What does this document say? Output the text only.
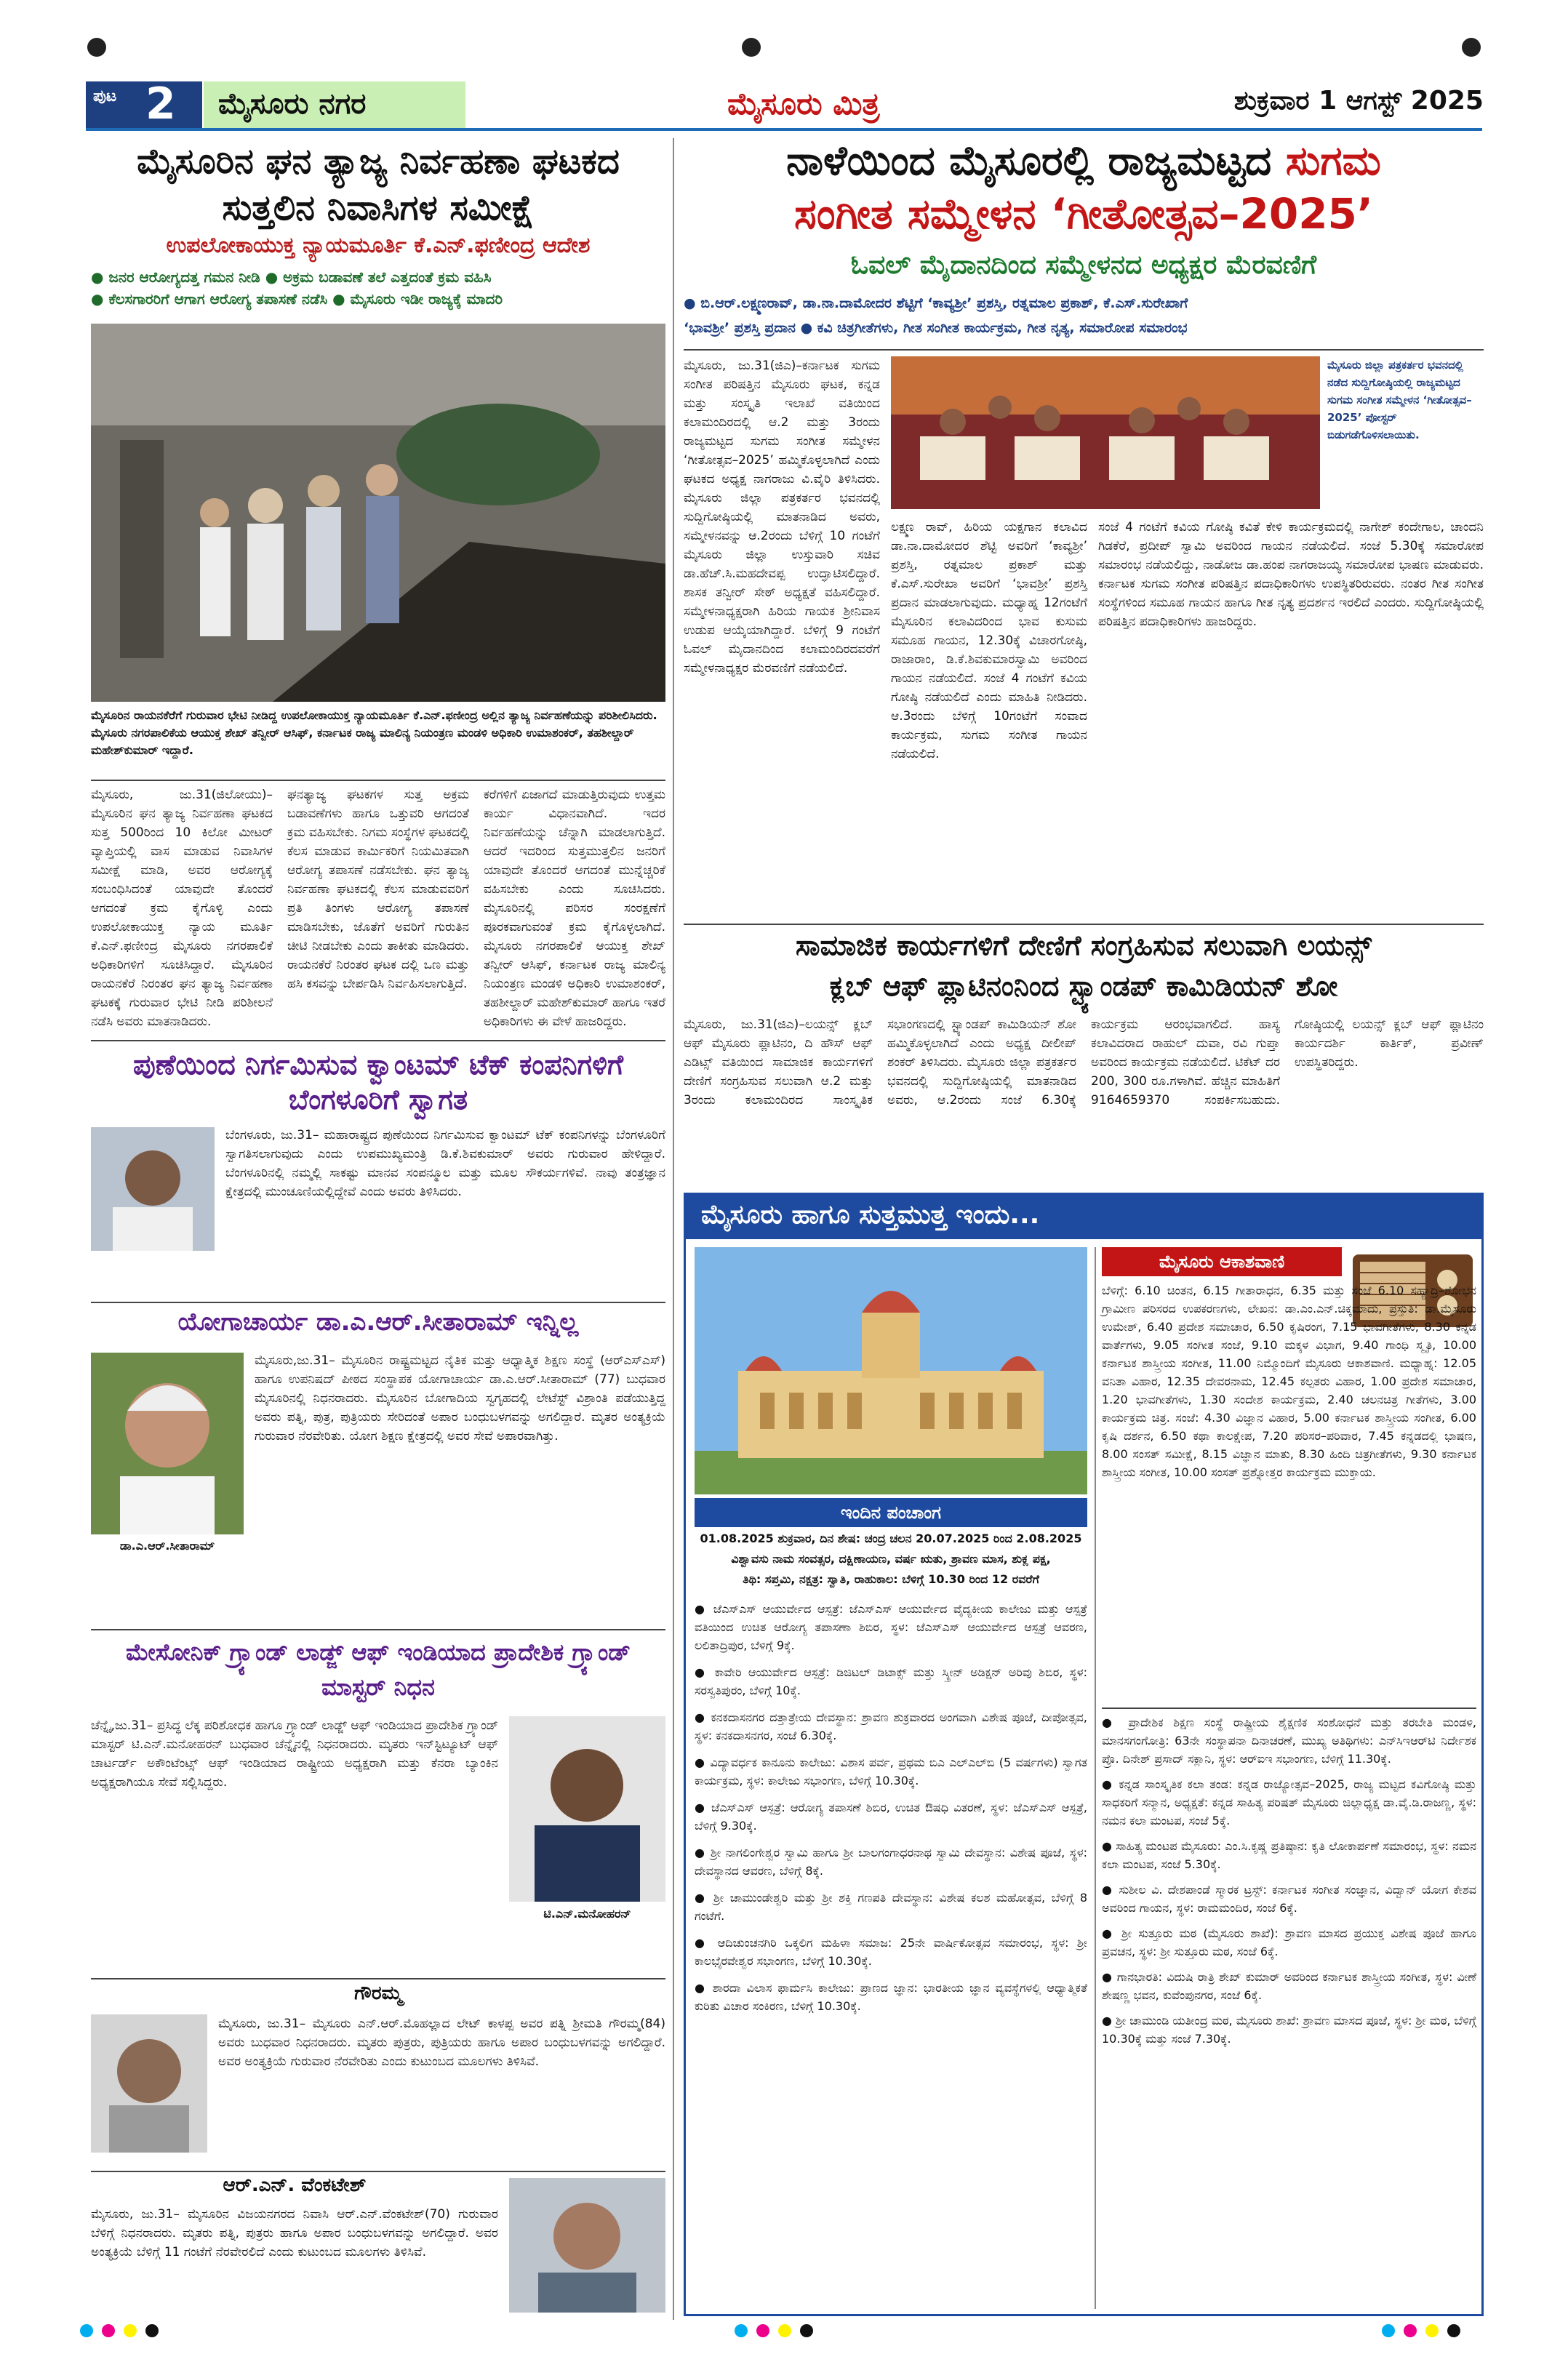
ಪುಟ 2	ಮೈಸೂರು ನಗರ	ಮೈಸೂರು ಮಿತ್ರ	ಶುಕ್ರವಾರ 1 ಆಗಸ್ಟ್ 2025
ಮೈಸೂರಿನ ಘನ ತ್ಯಾಜ್ಯ ನಿರ್ವಹಣಾ ಘಟಕದ ಸುತ್ತಲಿನ ನಿವಾಸಿಗಳ ಸಮೀಕ್ಷೆ
ಉಪಲೋಕಾಯುಕ್ತ ನ್ಯಾಯಮೂರ್ತಿ ಕೆ.ಎನ್.ಫಣೀಂದ್ರ ಆದೇಶ
● ಜನರ ಆರೋಗ್ಯದತ್ತ ಗಮನ ನೀಡಿ ● ಅಕ್ರಮ ಬಡಾವಣೆ ತಲೆ ಎತ್ತದಂತೆ ಕ್ರಮ ವಹಿಸಿ
● ಕೆಲಸಗಾರರಿಗೆ ಆಗಾಗ ಆರೋಗ್ಯ ತಪಾಸಣೆ ನಡೆಸಿ ● ಮೈಸೂರು ಇಡೀ ರಾಜ್ಯಕ್ಕೆ ಮಾದರಿ
ಮೈಸೂರಿನ ರಾಯನಕೆರೆಗೆ ಗುರುವಾರ ಭೇಟಿ ನೀಡಿದ್ದ ಉಪಲೋಕಾಯುಕ್ತ ನ್ಯಾಯಮೂರ್ತಿ ಕೆ.ಎನ್.ಫಣೀಂದ್ರ ಅಲ್ಲಿನ ತ್ಯಾಜ್ಯ ನಿರ್ವಹಣೆಯನ್ನು ಪರಿಶೀಲಿಸಿದರು. ಮೈಸೂರು ನಗರಪಾಲಿಕೆಯ ಆಯುಕ್ತ ಶೇಖ್ ತನ್ವೀರ್ ಆಸಿಫ್, ಕರ್ನಾಟಕ ರಾಜ್ಯ ಮಾಲಿನ್ಯ ನಿಯಂತ್ರಣ ಮಂಡಳಿ ಅಧಿಕಾರಿ ಉಮಾಶಂಕರ್, ತಹಶೀಲ್ದಾರ್ ಮಹೇಶ್‌ಕುಮಾರ್ ಇದ್ದಾರೆ.
ಮೈಸೂರು, ಜು.31(ಜಿಲೋಯು)– ಮೈಸೂರಿನ ಘನ ತ್ಯಾಜ್ಯ ನಿರ್ವಹಣಾ ಘಟಕದ ಸುತ್ತ 500ರಿಂದ 10 ಕಿಲೋ ಮೀಟರ್ ವ್ಯಾಪ್ತಿಯಲ್ಲಿ ವಾಸ ಮಾಡುವ ನಿವಾಸಿಗಳ ಸಮೀಕ್ಷೆ ಮಾಡಿ, ಅವರ ಆರೋಗ್ಯಕ್ಕೆ ಸಂಬಂಧಿಸಿದಂತೆ ಯಾವುದೇ ತೊಂದರೆ ಆಗದಂತೆ ಕ್ರಮ ಕೈಗೊಳ್ಳಿ ಎಂದು ಉಪಲೋಕಾಯುಕ್ತ ನ್ಯಾಯ ಮೂರ್ತಿ ಕೆ.ಎನ್.ಫಣೀಂದ್ರ ಮೈಸೂರು ನಗರಪಾಲಿಕೆ ಅಧಿಕಾರಿಗಳಿಗೆ ಸೂಚಿಸಿದ್ದಾರೆ. ಮೈಸೂರಿನ ರಾಯನಕೆರೆ ನಿರಂತರ ಘನ ತ್ಯಾಜ್ಯ ನಿರ್ವಹಣಾ ಘಟಕಕ್ಕೆ ಗುರುವಾರ ಭೇಟಿ ನೀಡಿ ಪರಿಶೀಲನೆ ನಡೆಸಿ ಅವರು ಮಾತನಾಡಿದರು.
ಘನತ್ಯಾಜ್ಯ ಘಟಕಗಳ ಸುತ್ತ ಅಕ್ರಮ ಬಡಾವಣೆಗಳು ಹಾಗೂ ಒತ್ತುವರಿ ಆಗದಂತೆ ಕ್ರಮ ವಹಿಸಬೇಕು. ನಿಗಮ ಸಂಸ್ಥೆಗಳ ಘಟಕದಲ್ಲಿ ಕೆಲಸ ಮಾಡುವ ಕಾರ್ಮಿಕರಿಗೆ ನಿಯಮಿತವಾಗಿ ಆರೋಗ್ಯ ತಪಾಸಣೆ ನಡೆಸಬೇಕು. ಘನ ತ್ಯಾಜ್ಯ ನಿರ್ವಹಣಾ ಘಟಕದಲ್ಲಿ ಕೆಲಸ ಮಾಡುವವರಿಗೆ ಪ್ರತಿ ತಿಂಗಳು ಆರೋಗ್ಯ ತಪಾಸಣೆ ಮಾಡಿಸಬೇಕು, ಜೊತೆಗೆ ಅವರಿಗೆ ಗುರುತಿನ ಚೀಟಿ ನೀಡಬೇಕು ಎಂದು ತಾಕೀತು ಮಾಡಿದರು. ರಾಯನಕೆರೆ ನಿರಂತರ ಘಟಕ ದಲ್ಲಿ ಒಣ ಮತ್ತು ಹಸಿ ಕಸವನ್ನು ಬೇರ್ಪಡಿಸಿ ನಿರ್ವಹಿಸಲಾಗುತ್ತಿದೆ.
ಕರೆಗಳಿಗೆ ಏಜಾಗದೆ ಮಾಡುತ್ತಿರುವುದು ಉತ್ತಮ ಕಾರ್ಯ ವಿಧಾನವಾಗಿದೆ. ಇದರ ನಿರ್ವಹಣೆಯನ್ನು ಚೆನ್ನಾಗಿ ಮಾಡಲಾಗುತ್ತಿದೆ. ಆದರೆ ಇದರಿಂದ ಸುತ್ತಮುತ್ತಲಿನ ಜನರಿಗೆ ಯಾವುದೇ ತೊಂದರೆ ಆಗದಂತೆ ಮುನ್ನೆಚ್ಚರಿಕೆ ವಹಿಸಬೇಕು ಎಂದು ಸೂಚಿಸಿದರು. ಮೈಸೂರಿನಲ್ಲಿ ಪರಿಸರ ಸಂರಕ್ಷಣೆಗೆ ಪೂರಕವಾಗುವಂತೆ ಕ್ರಮ ಕೈಗೊಳ್ಳಲಾಗಿದೆ. ಮೈಸೂರು ನಗರಪಾಲಿಕೆ ಆಯುಕ್ತ ಶೇಖ್ ತನ್ವೀರ್ ಆಸಿಫ್, ಕರ್ನಾಟಕ ರಾಜ್ಯ ಮಾಲಿನ್ಯ ನಿಯಂತ್ರಣ ಮಂಡಳಿ ಅಧಿಕಾರಿ ಉಮಾಶಂಕರ್, ತಹಶೀಲ್ದಾರ್ ಮಹೇಶ್‌ಕುಮಾರ್ ಹಾಗೂ ಇತರೆ ಅಧಿಕಾರಿಗಳು ಈ ವೇಳೆ ಹಾಜರಿದ್ದರು.
ಪುಣೆಯಿಂದ ನಿರ್ಗಮಿಸುವ ಕ್ವಾಂಟಮ್ ಟೆಕ್ ಕಂಪನಿಗಳಿಗೆ ಬೆಂಗಳೂರಿಗೆ ಸ್ವಾಗತ
ಬೆಂಗಳೂರು, ಜು.31– ಮಹಾರಾಷ್ಟ್ರದ ಪುಣೆಯಿಂದ ನಿರ್ಗಮಿಸುವ ಕ್ವಾಂಟಮ್ ಟೆಕ್ ಕಂಪನಿಗಳನ್ನು ಬೆಂಗಳೂರಿಗೆ ಸ್ವಾಗತಿಸಲಾಗುವುದು ಎಂದು ಉಪಮುಖ್ಯಮಂತ್ರಿ ಡಿ.ಕೆ.ಶಿವಕುಮಾರ್ ಅವರು ಗುರುವಾರ ಹೇಳಿದ್ದಾರೆ. ಬೆಂಗಳೂರಿನಲ್ಲಿ ನಮ್ಮಲ್ಲಿ ಸಾಕಷ್ಟು ಮಾನವ ಸಂಪನ್ಮೂಲ ಮತ್ತು ಮೂಲ ಸೌಕರ್ಯಗಳಿವೆ. ನಾವು ತಂತ್ರಜ್ಞಾನ ಕ್ಷೇತ್ರದಲ್ಲಿ ಮುಂಚೂಣಿಯಲ್ಲಿದ್ದೇವೆ ಎಂದು ಅವರು ತಿಳಿಸಿದರು.
ಯೋಗಾಚಾರ್ಯ ಡಾ.ಎ.ಆರ್.ಸೀತಾರಾಮ್ ಇನ್ನಿಲ್ಲ
ಡಾ.ಎ.ಆರ್.ಸೀತಾರಾಮ್
ಮೈಸೂರು,ಜು.31– ಮೈಸೂರಿನ ರಾಷ್ಟ್ರಮಟ್ಟದ ನೈತಿಕ ಮತ್ತು ಆಧ್ಯಾತ್ಮಿಕ ಶಿಕ್ಷಣ ಸಂಸ್ಥೆ (ಆರ್‌ಎಸ್‌ಎಸ್) ಹಾಗೂ ಉಪನಿಷದ್ ಪೀಠದ ಸಂಸ್ಥಾಪಕ ಯೋಗಾಚಾರ್ಯ ಡಾ.ಎ.ಆರ್.ಸೀತಾರಾಮ್ (77) ಬುಧವಾರ ಮೈಸೂರಿನಲ್ಲಿ ನಿಧನರಾದರು. ಮೈಸೂರಿನ ಬೋಗಾದಿಯ ಸ್ವಗೃಹದಲ್ಲಿ ಲೇಟೆಸ್ಟ್ ವಿಶ್ರಾಂತಿ ಪಡೆಯುತ್ತಿದ್ದ ಅವರು ಪತ್ನಿ, ಪುತ್ರ, ಪುತ್ರಿಯರು ಸೇರಿದಂತೆ ಅಪಾರ ಬಂಧುಬಳಗವನ್ನು ಅಗಲಿದ್ದಾರೆ. ಮೃತರ ಅಂತ್ಯಕ್ರಿಯೆ ಗುರುವಾರ ನೆರವೇರಿತು. ಯೋಗ ಶಿಕ್ಷಣ ಕ್ಷೇತ್ರದಲ್ಲಿ ಅವರ ಸೇವೆ ಅಪಾರವಾಗಿತ್ತು.
ಮೇಸೋನಿಕ್ ಗ್ರ್ಯಾಂಡ್ ಲಾಡ್ಜ್ ಆಫ್ ಇಂಡಿಯಾದ ಪ್ರಾದೇಶಿಕ ಗ್ರ್ಯಾಂಡ್ ಮಾಸ್ಟರ್ ನಿಧನ
ಚೆನ್ನೈ,ಜು.31– ಪ್ರಸಿದ್ಧ ಲೆಕ್ಕ ಪರಿಶೋಧಕ ಹಾಗೂ ಗ್ರ್ಯಾಂಡ್ ಲಾಡ್ಜ್ ಆಫ್ ಇಂಡಿಯಾದ ಪ್ರಾದೇಶಿಕ ಗ್ರ್ಯಾಂಡ್ ಮಾಸ್ಟರ್ ಟಿ.ಎನ್.ಮನೋಹರನ್ ಬುಧವಾರ ಚೆನ್ನೈನಲ್ಲಿ ನಿಧನರಾದರು. ಮೃತರು ಇನ್‌ಸ್ಟಿಟ್ಯೂಟ್ ಆಫ್ ಚಾರ್ಟರ್ಡ್ ಅಕೌಂಟೆಂಟ್ಸ್ ಆಫ್ ಇಂಡಿಯಾದ ರಾಷ್ಟ್ರೀಯ ಅಧ್ಯಕ್ಷರಾಗಿ ಮತ್ತು ಕೆನರಾ ಬ್ಯಾಂಕಿನ ಅಧ್ಯಕ್ಷರಾಗಿಯೂ ಸೇವೆ ಸಲ್ಲಿಸಿದ್ದರು.
ಟಿ.ಎನ್.ಮನೋಹರನ್
ಗೌರಮ್ಮ
ಮೈಸೂರು, ಜು.31– ಮೈಸೂರು ಎನ್.ಆರ್.ಮೊಹಲ್ಲಾದ ಲೇಟ್ ಕಾಳಪ್ಪ ಅವರ ಪತ್ನಿ ಶ್ರೀಮತಿ ಗೌರಮ್ಮ(84) ಅವರು ಬುಧವಾರ ನಿಧನರಾದರು. ಮೃತರು ಪುತ್ರರು, ಪುತ್ರಿಯರು ಹಾಗೂ ಅಪಾರ ಬಂಧುಬಳಗವನ್ನು ಅಗಲಿದ್ದಾರೆ. ಅವರ ಅಂತ್ಯಕ್ರಿಯೆ ಗುರುವಾರ ನೆರವೇರಿತು ಎಂದು ಕುಟುಂಬದ ಮೂಲಗಳು ತಿಳಿಸಿವೆ.
ಆರ್.ಎನ್. ವೆಂಕಟೇಶ್
ಮೈಸೂರು, ಜು.31– ಮೈಸೂರಿನ ವಿಜಯನಗರದ ನಿವಾಸಿ ಆರ್.ಎನ್.ವೆಂಕಟೇಶ್(70) ಗುರುವಾರ ಬೆಳಿಗ್ಗೆ ನಿಧನರಾದರು. ಮೃತರು ಪತ್ನಿ, ಪುತ್ರರು ಹಾಗೂ ಅಪಾರ ಬಂಧುಬಳಗವನ್ನು ಅಗಲಿದ್ದಾರೆ. ಅವರ ಅಂತ್ಯಕ್ರಿಯೆ ಬೆಳಿಗ್ಗೆ 11 ಗಂಟೆಗೆ ನೆರವೇರಲಿದೆ ಎಂದು ಕುಟುಂಬದ ಮೂಲಗಳು ತಿಳಿಸಿವೆ.
ನಾಳೆಯಿಂದ ಮೈಸೂರಲ್ಲಿ ರಾಜ್ಯಮಟ್ಟದ ಸುಗಮ
ಸಂಗೀತ ಸಮ್ಮೇಳನ ‘ಗೀತೋತ್ಸವ–2025’
ಓವಲ್ ಮೈದಾನದಿಂದ ಸಮ್ಮೇಳನದ ಅಧ್ಯಕ್ಷರ ಮೆರವಣಿಗೆ
● ಬಿ.ಆರ್.ಲಕ್ಷ್ಮಣರಾವ್, ಡಾ.ನಾ.ದಾಮೋದರ ಶೆಟ್ಟಿಗೆ ‘ಕಾವ್ಯಶ್ರೀ’ ಪ್ರಶಸ್ತಿ, ರತ್ನಮಾಲ ಪ್ರಕಾಶ್, ಕೆ.ಎಸ್.ಸುರೇಖಾಗೆ
‘ಭಾವಶ್ರೀ’ ಪ್ರಶಸ್ತಿ ಪ್ರದಾನ ● ಕವಿ ಚಿತ್ರಗೀತೆಗಳು, ಗೀತ ಸಂಗೀತ ಕಾರ್ಯಕ್ರಮ, ಗೀತ ನೃತ್ಯ, ಸಮಾರೋಪ ಸಮಾರಂಭ
ಮೈಸೂರು, ಜು.31(ಜಿಎ)–ಕರ್ನಾಟಕ ಸುಗಮ ಸಂಗೀತ ಪರಿಷತ್ತಿನ ಮೈಸೂರು ಘಟಕ, ಕನ್ನಡ ಮತ್ತು ಸಂಸ್ಕೃತಿ ಇಲಾಖೆ ವತಿಯಿಂದ ಕಲಾಮಂದಿರದಲ್ಲಿ ಆ.2 ಮತ್ತು 3ರಂದು ರಾಜ್ಯಮಟ್ಟದ ಸುಗಮ ಸಂಗೀತ ಸಮ್ಮೇಳನ ‘ಗೀತೋತ್ಸವ–2025’ ಹಮ್ಮಿಕೊಳ್ಳಲಾಗಿದೆ ಎಂದು ಘಟಕದ ಅಧ್ಯಕ್ಷ ನಾಗರಾಜು ವಿ.ವೈರಿ ತಿಳಿಸಿದರು. ಮೈಸೂರು ಜಿಲ್ಲಾ ಪತ್ರಕರ್ತರ ಭವನದಲ್ಲಿ ಸುದ್ದಿಗೋಷ್ಠಿಯಲ್ಲಿ ಮಾತನಾಡಿದ ಅವರು, ಸಮ್ಮೇಳನವನ್ನು ಆ.2ರಂದು ಬೆಳಿಗ್ಗೆ 10 ಗಂಟೆಗೆ ಮೈಸೂರು ಜಿಲ್ಲಾ ಉಸ್ತುವಾರಿ ಸಚಿವ ಡಾ.ಹೆಚ್.ಸಿ.ಮಹದೇವಪ್ಪ ಉದ್ಘಾಟಿಸಲಿದ್ದಾರೆ. ಶಾಸಕ ತನ್ವೀರ್ ಸೇಠ್ ಅಧ್ಯಕ್ಷತೆ ವಹಿಸಲಿದ್ದಾರೆ. ಸಮ್ಮೇಳನಾಧ್ಯಕ್ಷರಾಗಿ ಹಿರಿಯ ಗಾಯಕ ಶ್ರೀನಿವಾಸ ಉಡುಪ ಆಯ್ಕೆಯಾಗಿದ್ದಾರೆ. ಬೆಳಿಗ್ಗೆ 9 ಗಂಟೆಗೆ ಓವಲ್ ಮೈದಾನದಿಂದ ಕಲಾಮಂದಿರದವರೆಗೆ ಸಮ್ಮೇಳನಾಧ್ಯಕ್ಷರ ಮೆರವಣಿಗೆ ನಡೆಯಲಿದೆ.
ಮೈಸೂರು ಜಿಲ್ಲಾ ಪತ್ರಕರ್ತರ ಭವನದಲ್ಲಿ ನಡೆದ ಸುದ್ದಿಗೋಷ್ಠಿಯಲ್ಲಿ ರಾಜ್ಯಮಟ್ಟದ ಸುಗಮ ಸಂಗೀತ ಸಮ್ಮೇಳನ ‘ಗೀತೋತ್ಸವ–2025’ ಪೋಸ್ಟರ್ ಬಿಡುಗಡೆಗೊಳಿಸಲಾಯಿತು.
ಲಕ್ಷ್ಮಣ ರಾವ್, ಹಿರಿಯ ಯಕ್ಷಗಾನ ಕಲಾವಿದ ಡಾ.ನಾ.ದಾಮೋದರ ಶೆಟ್ಟಿ ಅವರಿಗೆ ‘ಕಾವ್ಯಶ್ರೀ’ ಪ್ರಶಸ್ತಿ, ರತ್ನಮಾಲ ಪ್ರಕಾಶ್ ಮತ್ತು ಕೆ.ಎಸ್.ಸುರೇಖಾ ಅವರಿಗೆ ‘ಭಾವಶ್ರೀ’ ಪ್ರಶಸ್ತಿ ಪ್ರದಾನ ಮಾಡಲಾಗುವುದು. ಮಧ್ಯಾಹ್ನ 12ಗಂಟೆಗೆ ಮೈಸೂರಿನ ಕಲಾವಿದರಿಂದ ಭಾವ ಕುಸುಮ ಸಮೂಹ ಗಾಯನ, 12.30ಕ್ಕೆ ವಿಚಾರಗೋಷ್ಠಿ, ರಾಜಾರಾಂ, ಡಿ.ಕೆ.ಶಿವಕುಮಾರಸ್ವಾಮಿ ಅವರಿಂದ ಗಾಯನ ನಡೆಯಲಿದೆ. ಸಂಜೆ 4 ಗಂಟೆಗೆ ಕವಿಯ ಗೋಷ್ಠಿ ನಡೆಯಲಿದೆ ಎಂದು ಮಾಹಿತಿ ನೀಡಿದರು. ಆ.3ರಂದು ಬೆಳಿಗ್ಗೆ 10ಗಂಟೆಗೆ ಸಂವಾದ ಕಾರ್ಯಕ್ರಮ, ಸುಗಮ ಸಂಗೀತ ಗಾಯನ ನಡೆಯಲಿದೆ.
ಸಂಜೆ 4 ಗಂಟೆಗೆ ಕವಿಯ ಗೋಷ್ಠಿ ಕವಿತೆ ಕೇಳಿ ಕಾರ್ಯಕ್ರಮದಲ್ಲಿ ನಾಗೇಶ್ ಕಂದೇಗಾಲ, ಚಾಂದನಿ ಗಿಡಕೆರೆ, ಪ್ರದೀಪ್ ಸ್ವಾಮಿ ಅವರಿಂದ ಗಾಯನ ನಡೆಯಲಿದೆ. ಸಂಜೆ 5.30ಕ್ಕೆ ಸಮಾರೋಪ ಸಮಾರಂಭ ನಡೆಯಲಿದ್ದು, ನಾಡೋಜ ಡಾ.ಹಂಪ ನಾಗರಾಜಯ್ಯ ಸಮಾರೋಪ ಭಾಷಣ ಮಾಡುವರು. ಕರ್ನಾಟಕ ಸುಗಮ ಸಂಗೀತ ಪರಿಷತ್ತಿನ ಪದಾಧಿಕಾರಿಗಳು ಉಪಸ್ಥಿತರಿರುವರು. ನಂತರ ಗೀತ ಸಂಗೀತ ಸಂಸ್ಥೆಗಳಿಂದ ಸಮೂಹ ಗಾಯನ ಹಾಗೂ ಗೀತ ನೃತ್ಯ ಪ್ರದರ್ಶನ ಇರಲಿದೆ ಎಂದರು. ಸುದ್ದಿಗೋಷ್ಠಿಯಲ್ಲಿ ಪರಿಷತ್ತಿನ ಪದಾಧಿಕಾರಿಗಳು ಹಾಜರಿದ್ದರು.
ಸಾಮಾಜಿಕ ಕಾರ್ಯಗಳಿಗೆ ದೇಣಿಗೆ ಸಂಗ್ರಹಿಸುವ ಸಲುವಾಗಿ ಲಯನ್ಸ್
ಕ್ಲಬ್ ಆಫ್ ಪ್ಲಾಟಿನಂನಿಂದ ಸ್ಟ್ಯಾಂಡಪ್ ಕಾಮಿಡಿಯನ್ ಶೋ
ಮೈಸೂರು, ಜು.31(ಜಿಎ)–ಲಯನ್ಸ್ ಕ್ಲಬ್ ಆಫ್ ಮೈಸೂರು ಪ್ಲಾಟಿನಂ, ದಿ ಹೌಸ್ ಆಫ್ ಎಡಿಟ್ಸ್ ವತಿಯಿಂದ ಸಾಮಾಜಿಕ ಕಾರ್ಯಗಳಿಗೆ ದೇಣಿಗೆ ಸಂಗ್ರಹಿಸುವ ಸಲುವಾಗಿ ಆ.2 ಮತ್ತು 3ರಂದು ಕಲಾಮಂದಿರದ ಸಾಂಸ್ಕೃತಿಕ ಸಭಾಂಗಣದಲ್ಲಿ ಸ್ಟ್ಯಾಂಡಪ್ ಕಾಮಿಡಿಯನ್ ಶೋ ಹಮ್ಮಿಕೊಳ್ಳಲಾಗಿದೆ ಎಂದು ಅಧ್ಯಕ್ಷ ದೀಲೀಪ್ ಶಂಕರ್ ತಿಳಿಸಿದರು. ಮೈಸೂರು ಜಿಲ್ಲಾ ಪತ್ರಕರ್ತರ ಭವನದಲ್ಲಿ ಸುದ್ದಿಗೋಷ್ಠಿಯಲ್ಲಿ ಮಾತನಾಡಿದ ಅವರು, ಆ.2ರಂದು ಸಂಜೆ 6.30ಕ್ಕೆ ಕಾರ್ಯಕ್ರಮ ಆರಂಭವಾಗಲಿದೆ. ಹಾಸ್ಯ ಕಲಾವಿದರಾದ ರಾಹುಲ್ ದುವಾ, ರವಿ ಗುಪ್ತಾ ಅವರಿಂದ ಕಾರ್ಯಕ್ರಮ ನಡೆಯಲಿದೆ. ಟಿಕೆಟ್ ದರ 200, 300 ರೂ.ಗಳಾಗಿವೆ. ಹೆಚ್ಚಿನ ಮಾಹಿತಿಗೆ 9164659370 ಸಂಪರ್ಕಿಸಬಹುದು. ಗೋಷ್ಠಿಯಲ್ಲಿ ಲಯನ್ಸ್ ಕ್ಲಬ್ ಆಫ್ ಪ್ಲಾಟಿನಂ ಕಾರ್ಯದರ್ಶಿ ಕಾರ್ತಿಕ್, ಪ್ರವೀಣ್ ಉಪಸ್ಥಿತರಿದ್ದರು.
ಮೈಸೂರು ಹಾಗೂ ಸುತ್ತಮುತ್ತ ಇಂದು...
ಇಂದಿನ ಪಂಚಾಂಗ
01.08.2025 ಶುಕ್ರವಾರ, ದಿನ ಶೇಷ: ಚಂದ್ರ ಚಲನ 20.07.2025 ರಿಂದ 2.08.2025
ವಿಶ್ವಾವಸು ನಾಮ ಸಂವತ್ಸರ, ದಕ್ಷಿಣಾಯಣ, ವರ್ಷ ಋತು, ಶ್ರಾವಣ ಮಾಸ, ಶುಕ್ಲ ಪಕ್ಷ,
ತಿಥಿ: ಸಪ್ತಮಿ, ನಕ್ಷತ್ರ: ಸ್ವಾತಿ, ರಾಹುಕಾಲ: ಬೆಳಿಗ್ಗೆ 10.30 ರಿಂದ 12 ರವರೆಗೆ
● ಜೆಎಸ್‌ಎಸ್ ಆಯುರ್ವೇದ ಆಸ್ಪತ್ರೆ: ಜೆಎಸ್‌ಎಸ್ ಆಯುರ್ವೇದ ವೈದ್ಯಕೀಯ ಕಾಲೇಜು ಮತ್ತು ಆಸ್ಪತ್ರೆ ವತಿಯಿಂದ ಉಚಿತ ಆರೋಗ್ಯ ತಪಾಸಣಾ ಶಿಬಿರ, ಸ್ಥಳ: ಜೆಎಸ್‌ಎಸ್ ಆಯುರ್ವೇದ ಆಸ್ಪತ್ರೆ ಆವರಣ, ಲಲಿತಾದ್ರಿಪುರ, ಬೆಳಿಗ್ಗೆ 9ಕ್ಕೆ.
● ಕಾವೇರಿ ಆಯುರ್ವೇದ ಆಸ್ಪತ್ರೆ: ಡಿಜಿಟಲ್ ಡಿಟಾಕ್ಸ್ ಮತ್ತು ಸ್ಕ್ರೀನ್ ಅಡಿಕ್ಷನ್ ಅರಿವು ಶಿಬಿರ, ಸ್ಥಳ: ಸರಸ್ವತಿಪುರಂ, ಬೆಳಿಗ್ಗೆ 10ಕ್ಕೆ.
● ಕನಕದಾಸನಗರ ದತ್ತಾತ್ರೇಯ ದೇವಸ್ಥಾನ: ಶ್ರಾವಣ ಶುಕ್ರವಾರದ ಅಂಗವಾಗಿ ವಿಶೇಷ ಪೂಜೆ, ದೀಪೋತ್ಸವ, ಸ್ಥಳ: ಕನಕದಾಸನಗರ, ಸಂಜೆ 6.30ಕ್ಕೆ.
● ವಿದ್ಯಾವರ್ಧಕ ಕಾನೂನು ಕಾಲೇಜು: ವಿಶಾಸ ಪರ್ವ, ಪ್ರಥಮ ಬಿಎ ಎಲ್‌ಎಲ್‌ಬಿ (5 ವರ್ಷಗಳು) ಸ್ವಾಗತ ಕಾರ್ಯಕ್ರಮ, ಸ್ಥಳ: ಕಾಲೇಜು ಸಭಾಂಗಣ, ಬೆಳಿಗ್ಗೆ 10.30ಕ್ಕೆ.
● ಜೆಎಸ್‌ಎಸ್ ಆಸ್ಪತ್ರೆ: ಆರೋಗ್ಯ ತಪಾಸಣೆ ಶಿಬಿರ, ಉಚಿತ ಔಷಧಿ ವಿತರಣೆ, ಸ್ಥಳ: ಜೆಎಸ್‌ಎಸ್ ಆಸ್ಪತ್ರೆ, ಬೆಳಿಗ್ಗೆ 9.30ಕ್ಕೆ.
● ಶ್ರೀ ನಾಗಲಿಂಗೇಶ್ವರ ಸ್ವಾಮಿ ಹಾಗೂ ಶ್ರೀ ಬಾಲಗಂಗಾಧರನಾಥ ಸ್ವಾಮಿ ದೇವಸ್ಥಾನ: ವಿಶೇಷ ಪೂಜೆ, ಸ್ಥಳ: ದೇವಸ್ಥಾನದ ಆವರಣ, ಬೆಳಿಗ್ಗೆ 8ಕ್ಕೆ.
● ಶ್ರೀ ಚಾಮುಂಡೇಶ್ವರಿ ಮತ್ತು ಶ್ರೀ ಶಕ್ತಿ ಗಣಪತಿ ದೇವಸ್ಥಾನ: ವಿಶೇಷ ಕಲಶ ಮಹೋತ್ಸವ, ಬೆಳಿಗ್ಗೆ 8 ಗಂಟೆಗೆ.
● ಆದಿಚುಂಚನಗಿರಿ ಒಕ್ಕಲಿಗ ಮಹಿಳಾ ಸಮಾಜ: 25ನೇ ವಾರ್ಷಿಕೋತ್ಸವ ಸಮಾರಂಭ, ಸ್ಥಳ: ಶ್ರೀ ಕಾಲಭೈರವೇಶ್ವರ ಸಭಾಂಗಣ, ಬೆಳಿಗ್ಗೆ 10.30ಕ್ಕೆ.
● ಶಾರದಾ ವಿಲಾಸ ಫಾರ್ಮಸಿ ಕಾಲೇಜು: ಪ್ರಾಣದ ಜ್ಞಾನ: ಭಾರತೀಯ ಜ್ಞಾನ ವ್ಯವಸ್ಥೆಗಳಲ್ಲಿ ಆಧ್ಯಾತ್ಮಿಕತೆ ಕುರಿತು ವಿಚಾರ ಸಂಕಿರಣ, ಬೆಳಿಗ್ಗೆ 10.30ಕ್ಕೆ.
ಮೈಸೂರು ಆಕಾಶವಾಣಿ
ಬೆಳಿಗ್ಗೆ: 6.10 ಚಿಂತನ, 6.15 ಗೀತಾರಾಧನ, 6.35 ಮತ್ತು ಸಂಜೆ 6.10 ಸಹ್ಯಾದ್ರಿ–ಶೋಭನ ಗ್ರಾಮೀಣ ಪರಿಸರದ ಉಪಕರಣಗಳು, ಲೇಖನ: ಡಾ.ಎಂ.ಎನ್.ಚಿಕ್ಕಮಾದು, ಪ್ರಸ್ತುತಿ: ಡಾ.ಮೈಸೂರು ಉಮೇಶ್, 6.40 ಪ್ರದೇಶ ಸಮಾಚಾರ, 6.50 ಕೃಷಿರಂಗ, 7.15 ಭಾವಗೀತೆಗಳು, 8.30 ಕನ್ನಡ ವಾರ್ತೆಗಳು, 9.05 ಸಂಗೀತ ಸಂಜೆ, 9.10 ಮಕ್ಕಳ ವಿಭಾಗ, 9.40 ಗಾಂಧಿ ಸ್ಮೃತಿ, 10.00 ಕರ್ನಾಟಕ ಶಾಸ್ತ್ರೀಯ ಸಂಗೀತ, 11.00 ನಿಮ್ಮೊಂದಿಗೆ ಮೈಸೂರು ಆಕಾಶವಾಣಿ. ಮಧ್ಯಾಹ್ನ: 12.05 ವನಿತಾ ವಿಹಾರ, 12.35 ದೇವರನಾಮ, 12.45 ಕಲ್ಪತರು ವಿಹಾರ, 1.00 ಪ್ರದೇಶ ಸಮಾಚಾರ, 1.20 ಭಾವಗೀತೆಗಳು, 1.30 ಸಂದೇಶ ಕಾರ್ಯಕ್ರಮ, 2.40 ಚಲನಚಿತ್ರ ಗೀತೆಗಳು, 3.00 ಕಾರ್ಯಕ್ರಮ ಚಿತ್ರ. ಸಂಜೆ: 4.30 ವಿಜ್ಞಾನ ವಿಹಾರ, 5.00 ಕರ್ನಾಟಕ ಶಾಸ್ತ್ರೀಯ ಸಂಗೀತ, 6.00 ಕೃಷಿ ದರ್ಶನ, 6.50 ಕಥಾ ಕಾಲಕ್ಷೇಪ, 7.20 ಪರಿಸರ–ಪರಿವಾರ, 7.45 ಕನ್ನಡದಲ್ಲಿ ಭಾಷಣ, 8.00 ಸಂಸತ್ ಸಮೀಕ್ಷೆ, 8.15 ವಿಜ್ಞಾನ ಮಾತು, 8.30 ಹಿಂದಿ ಚಿತ್ರಗೀತೆಗಳು, 9.30 ಕರ್ನಾಟಕ ಶಾಸ್ತ್ರೀಯ ಸಂಗೀತ, 10.00 ಸಂಸತ್ ಪ್ರಶ್ನೋತ್ತರ ಕಾರ್ಯಕ್ರಮ ಮುಕ್ತಾಯ.
● ಪ್ರಾದೇಶಿಕ ಶಿಕ್ಷಣ ಸಂಸ್ಥೆ ರಾಷ್ಟ್ರೀಯ ಶೈಕ್ಷಣಿಕ ಸಂಶೋಧನೆ ಮತ್ತು ತರಬೇತಿ ಮಂಡಳಿ, ಮಾನಸಗಂಗೋತ್ರಿ: 63ನೇ ಸಂಸ್ಥಾಪನಾ ದಿನಾಚರಣೆ, ಮುಖ್ಯ ಅತಿಥಿಗಳು: ಎನ್‌ಸಿಇಆರ್‌ಟಿ ನಿರ್ದೇಶಕ ಪ್ರೊ. ದಿನೇಶ್ ಪ್ರಸಾದ್ ಸಕ್ಲಾನಿ, ಸ್ಥಳ: ಆರ್‌ಐಇ ಸಭಾಂಗಣ, ಬೆಳಿಗ್ಗೆ 11.30ಕ್ಕೆ.
● ಕನ್ನಡ ಸಾಂಸ್ಕೃತಿಕ ಕಲಾ ತಂಡ: ಕನ್ನಡ ರಾಜ್ಯೋತ್ಸವ–2025, ರಾಜ್ಯ ಮಟ್ಟದ ಕವಿಗೋಷ್ಠಿ ಮತ್ತು ಸಾಧಕರಿಗೆ ಸನ್ಮಾನ, ಅಧ್ಯಕ್ಷತೆ: ಕನ್ನಡ ಸಾಹಿತ್ಯ ಪರಿಷತ್ ಮೈಸೂರು ಜಿಲ್ಲಾಧ್ಯಕ್ಷ ಡಾ.ವೈ.ಡಿ.ರಾಜಣ್ಣ, ಸ್ಥಳ: ನಮನ ಕಲಾ ಮಂಟಪ, ಸಂಜೆ 5ಕ್ಕೆ.
● ಸಾಹಿತ್ಯ ಮಂಟಪ ಮೈಸೂರು: ಎಂ.ಸಿ.ಕೃಷ್ಣ ಪ್ರತಿಷ್ಠಾನ: ಕೃತಿ ಲೋಕಾರ್ಪಣೆ ಸಮಾರಂಭ, ಸ್ಥಳ: ನಮನ ಕಲಾ ಮಂಟಪ, ಸಂಜೆ 5.30ಕ್ಕೆ.
● ಸುಶೀಲ ವಿ. ದೇಶಪಾಂಡೆ ಸ್ಮಾರಕ ಟ್ರಸ್ಟ್: ಕರ್ನಾಟಕ ಸಂಗೀತ ಸಂಜ್ಞಾನ, ವಿದ್ವಾನ್ ಯೋಗ ಕೇಶವ ಅವರಿಂದ ಗಾಯನ, ಸ್ಥಳ: ರಾಮಮಂದಿರ, ಸಂಜೆ 6ಕ್ಕೆ.
● ಶ್ರೀ ಸುತ್ತೂರು ಮಠ (ಮೈಸೂರು ಶಾಖೆ): ಶ್ರಾವಣ ಮಾಸದ ಪ್ರಯುಕ್ತ ವಿಶೇಷ ಪೂಜೆ ಹಾಗೂ ಪ್ರವಚನ, ಸ್ಥಳ: ಶ್ರೀ ಸುತ್ತೂರು ಮಠ, ಸಂಜೆ 6ಕ್ಕೆ.
● ಗಾನಭಾರತಿ: ವಿದುಷಿ ರಾತ್ರಿ ಶೇಖ್ ಕುಮಾರ್ ಅವರಿಂದ ಕರ್ನಾಟಕ ಶಾಸ್ತ್ರೀಯ ಸಂಗೀತ, ಸ್ಥಳ: ವೀಣೆ ಶೇಷಣ್ಣ ಭವನ, ಕುವೆಂಪುನಗರ, ಸಂಜೆ 6ಕ್ಕೆ.
● ಶ್ರೀ ಚಾಮುಂಡಿ ಯತೀಂದ್ರ ಮಠ, ಮೈಸೂರು ಶಾಖೆ: ಶ್ರಾವಣ ಮಾಸದ ಪೂಜೆ, ಸ್ಥಳ: ಶ್ರೀ ಮಠ, ಬೆಳಿಗ್ಗೆ 10.30ಕ್ಕೆ ಮತ್ತು ಸಂಜೆ 7.30ಕ್ಕೆ.
